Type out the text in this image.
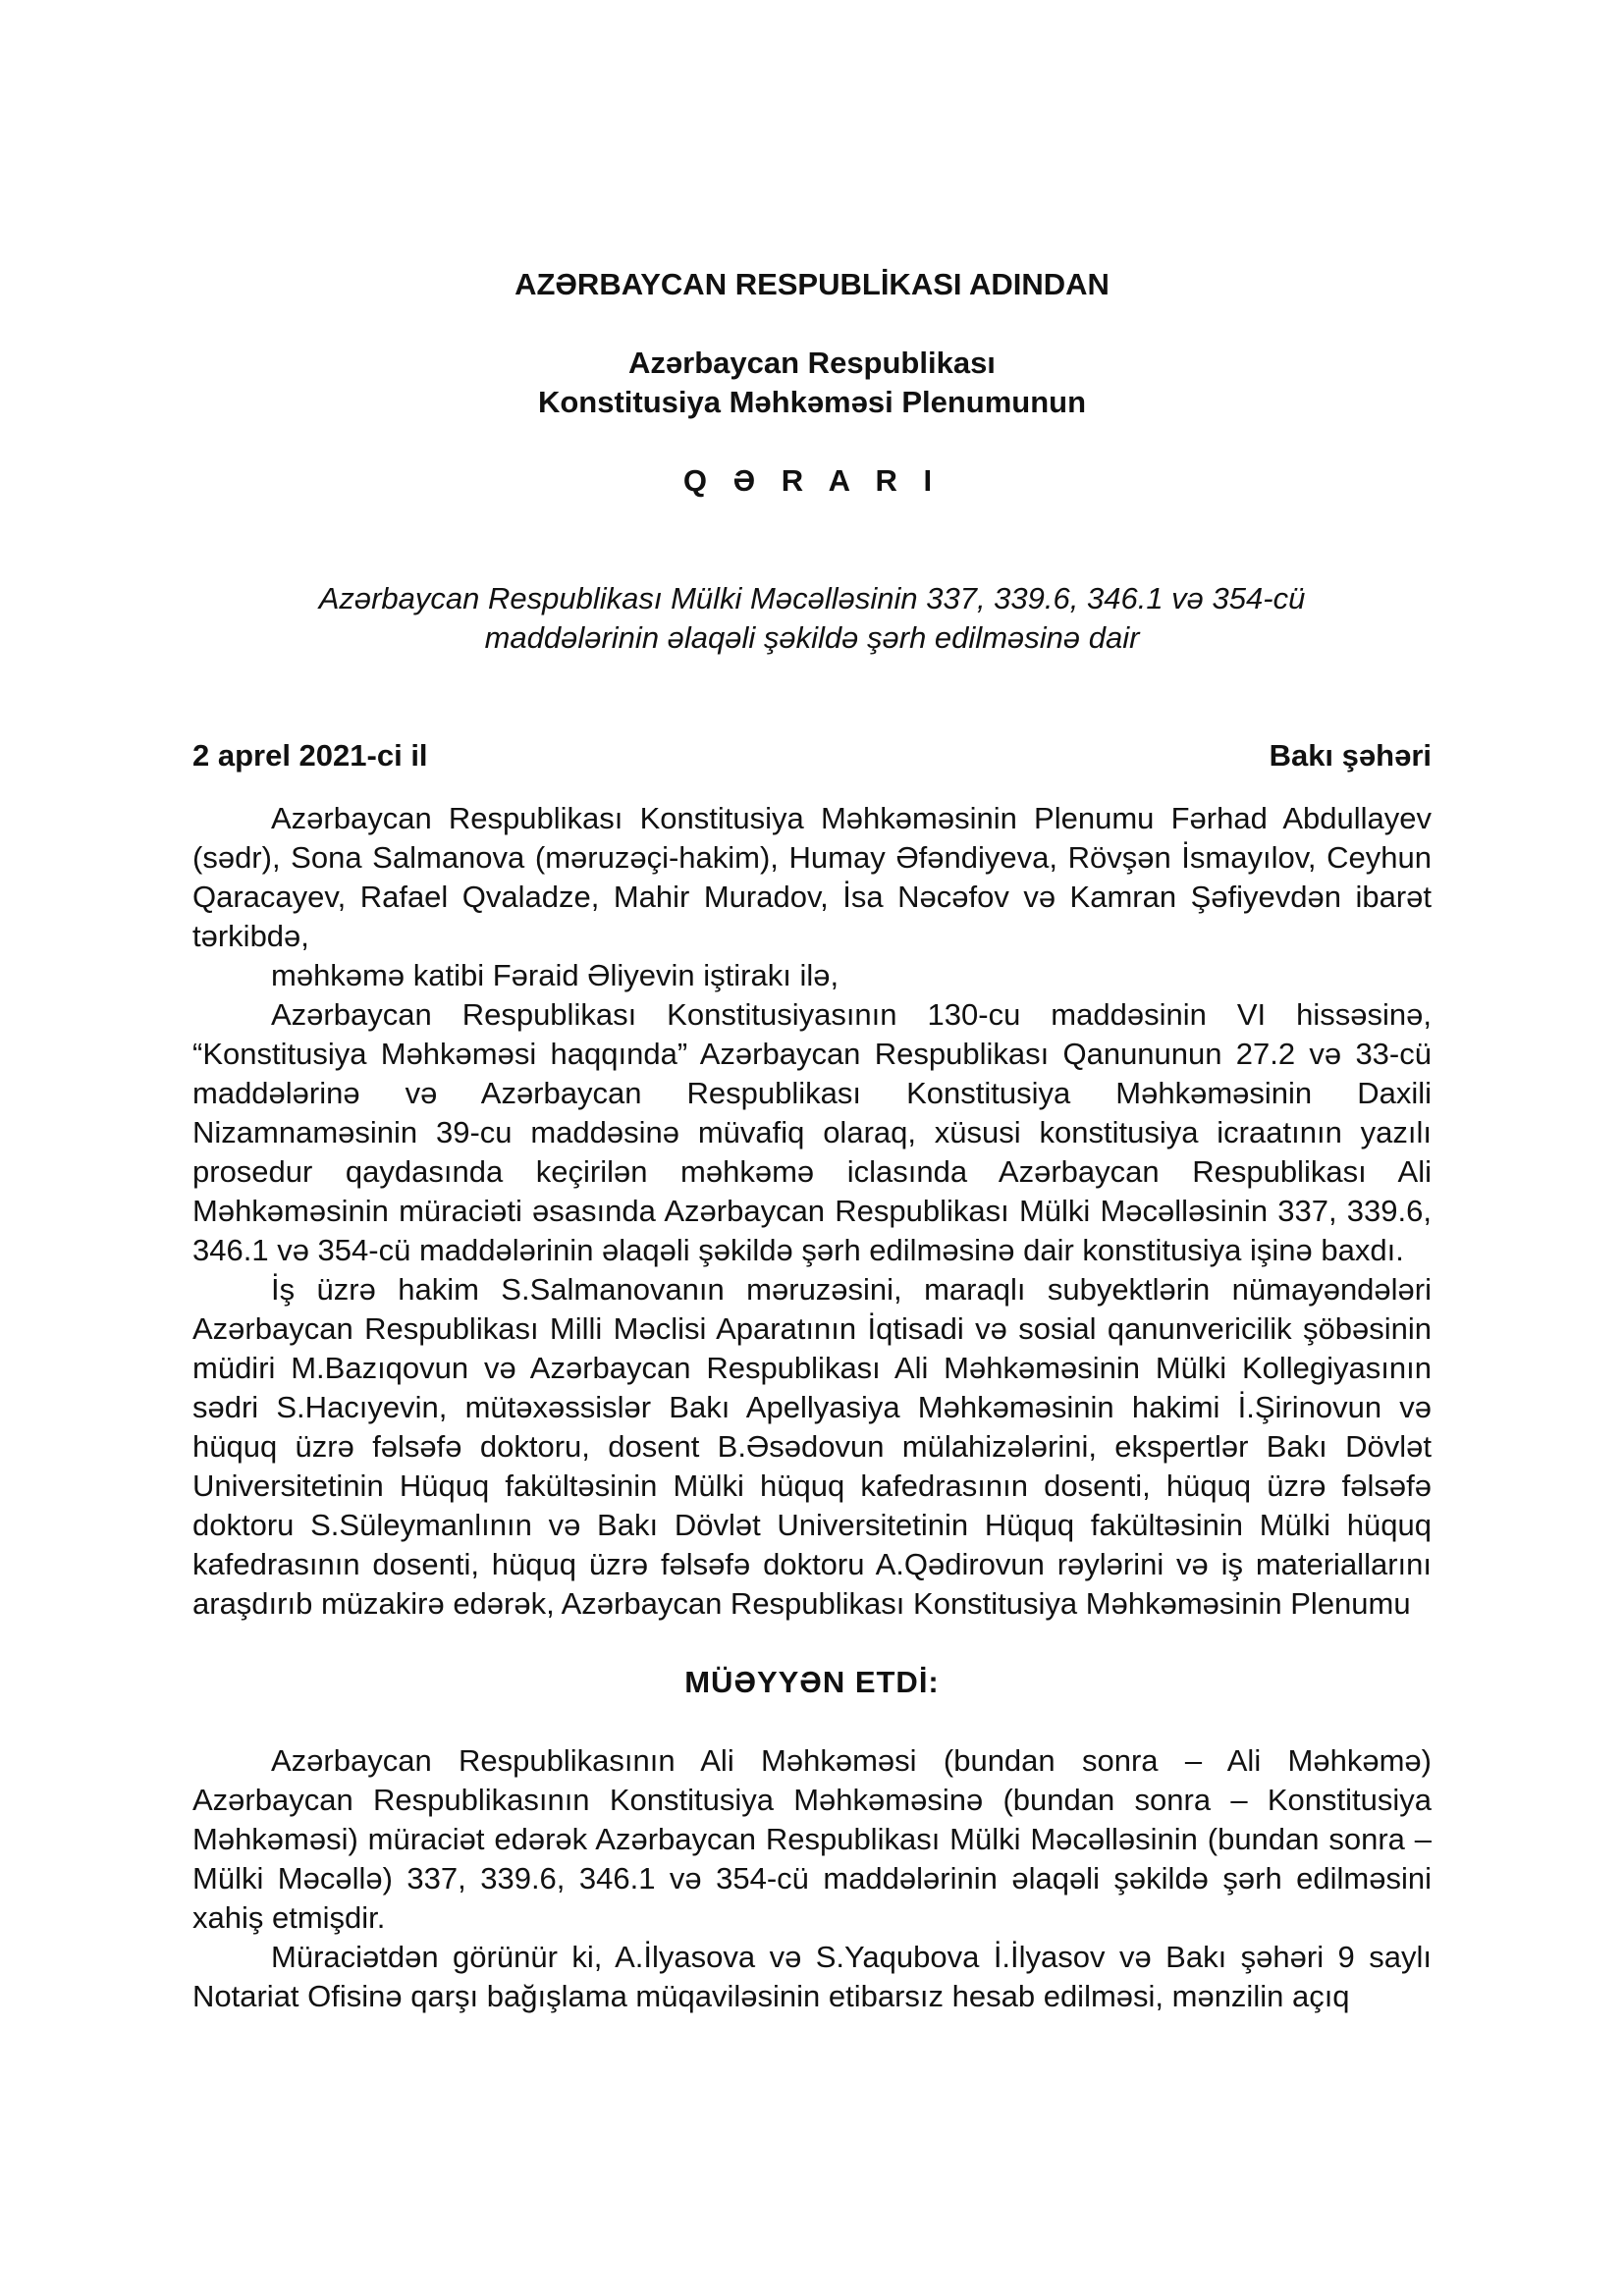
AZƏRBAYCAN RESPUBLİKASI ADINDAN

Azərbaycan Respublikası

Konstitusiya Məhkəməsi Plenumunun

Q Ə R A R I

Azərbaycan Respublikası Mülki Məcəlləsinin 337, 339.6, 346.1 və 354-cü

maddələrinin əlaqəli şəkildə şərh edilməsinə dair

2 aprel 2021-ci il	Bakı şəhəri

Azərbaycan Respublikası Konstitusiya Məhkəməsinin Plenumu Fərhad Abdullayev (sədr), Sona Salmanova (məruzəçi-hakim), Humay Əfəndiyeva, Rövşən İsmayılov, Ceyhun Qaracayev, Rafael Qvaladze, Mahir Muradov, İsa Nəcəfov və Kamran Şəfiyevdən ibarət tərkibdə,

məhkəmə katibi Fəraid Əliyevin iştirakı ilə,

Azərbaycan Respublikası Konstitusiyasının 130-cu maddəsinin VI hissəsinə, “Konstitusiya Məhkəməsi haqqında” Azərbaycan Respublikası Qanununun 27.2 və 33-cü maddələrinə və Azərbaycan Respublikası Konstitusiya Məhkəməsinin Daxili Nizamnaməsinin 39-cu maddəsinə müvafiq olaraq, xüsusi konstitusiya icraatının yazılı prosedur qaydasında keçirilən məhkəmə iclasında Azərbaycan Respublikası Ali Məhkəməsinin müraciəti əsasında Azərbaycan Respublikası Mülki Məcəlləsinin 337, 339.6, 346.1 və 354-cü maddələrinin əlaqəli şəkildə şərh edilməsinə dair konstitusiya işinə baxdı.

İş üzrə hakim S.Salmanovanın məruzəsini, maraqlı subyektlərin nümayəndələri Azərbaycan Respublikası Milli Məclisi Aparatının İqtisadi və sosial qanunvericilik şöbəsinin müdiri M.Bazıqovun və Azərbaycan Respublikası Ali Məhkəməsinin Mülki Kollegiyasının sədri S.Hacıyevin, mütəxəssislər Bakı Apellyasiya Məhkəməsinin hakimi İ.Şirinovun və hüquq üzrə fəlsəfə doktoru, dosent B.Əsədovun mülahizələrini, ekspertlər Bakı Dövlət Universitetinin Hüquq fakültəsinin Mülki hüquq kafedrasının dosenti, hüquq üzrə fəlsəfə doktoru S.Süleymanlının və Bakı Dövlət Universitetinin Hüquq fakültəsinin Mülki hüquq kafedrasının dosenti, hüquq üzrə fəlsəfə doktoru A.Qədirovun rəylərini və iş materiallarını araşdırıb müzakirə edərək, Azərbaycan Respublikası Konstitusiya Məhkəməsinin Plenumu

MÜƏYYƏN ETDİ:

Azərbaycan Respublikasının Ali Məhkəməsi (bundan sonra – Ali Məhkəmə) Azərbaycan Respublikasının Konstitusiya Məhkəməsinə (bundan sonra – Konstitusiya Məhkəməsi) müraciət edərək Azərbaycan Respublikası Mülki Məcəlləsinin (bundan sonra – Mülki Məcəllə) 337, 339.6, 346.1 və 354-cü maddələrinin əlaqəli şəkildə şərh edilməsini xahiş etmişdir.

Müraciətdən görünür ki, A.İlyasova və S.Yaqubova İ.İlyasov və Bakı şəhəri 9 saylı Notariat Ofisinə qarşı bağışlama müqaviləsinin etibarsız hesab edilməsi, mənzilin açıq
